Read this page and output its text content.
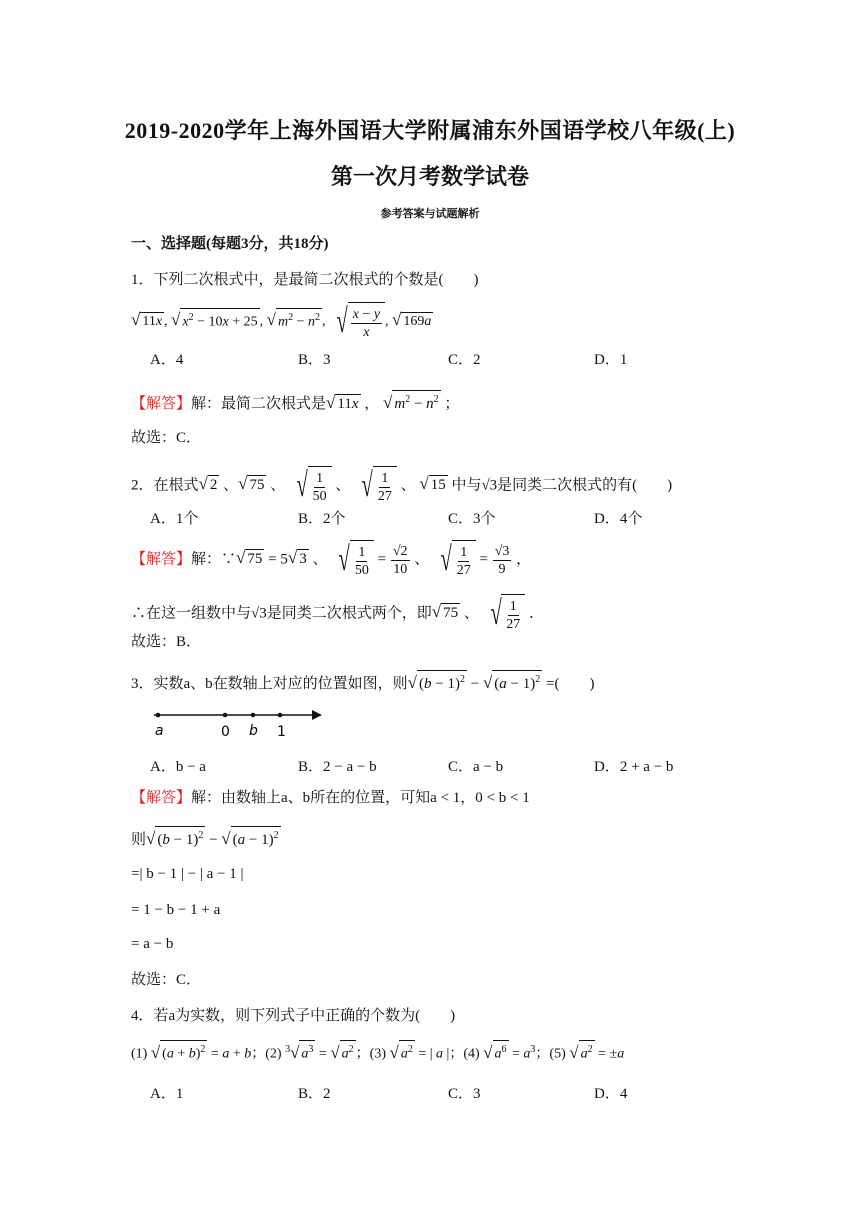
2019-2020学年上海外国语大学附属浦东外国语学校八年级(上)
第一次月考数学试卷
参考答案与试题解析
一、选择题(每题3分，共18分)
1．下列二次根式中，是最简二次根式的个数是(　　)
√ 11x , √ $x^2 - 10x + 25$ , √ $m^2 - n^2$ , √ $\frac{x - y}{x}$ , √ 169a
A．4	B．3	C．2	D．1
【解答】解：最简二次根式是√ 11x ， √ $m^2 - n^2$ ；
故选：C．
2．在根式√ 2 、√ 75 、 √ $\frac{1}{50}$ 、 √ $\frac{1}{27}$ 、 √ 15 中与√3是同类二次根式的有(　　)
A．1个	B．2个	C．3个	D．4个
【解答】解：∵√ 75 = 5√ 3 、 √ $\frac{1}{50} = \frac{√2}{10}$ 、 √ $\frac{1}{27} = \frac{√3}{9}$ ，
∴在这一组数中与√3是同类二次根式两个，即√ 75 、 √ $\frac{1}{27}$ ．
故选：B．
3．实数a、b在数轴上对应的位置如图，则√ $(b - 1)^2$ − √ $(a - 1)^2$ =(　　)
a	0 b 1
A．b − a	B．2 − a − b	C．a − b	D．2 + a − b
【解答】解：由数轴上a、b所在的位置，可知a < 1，0 < b < 1
则√ $(b - 1)^2$ − √ $(a - 1)^2$
=| b − 1 | − | a − 1 |
= 1 − b − 1 + a
= a − b
故选：C．
4．若a为实数，则下列式子中正确的个数为(　　)
(1) √ $(a + b)^2 = a + b$；(2) $^3$√ $a^3$ = √ $a^2$ ；(3) √ $a^2$ = | a |；(4) √ $a^6 = a^3$；(5) √ $a^2 = \pm a$
A．1	B．2	C．3	D．4
